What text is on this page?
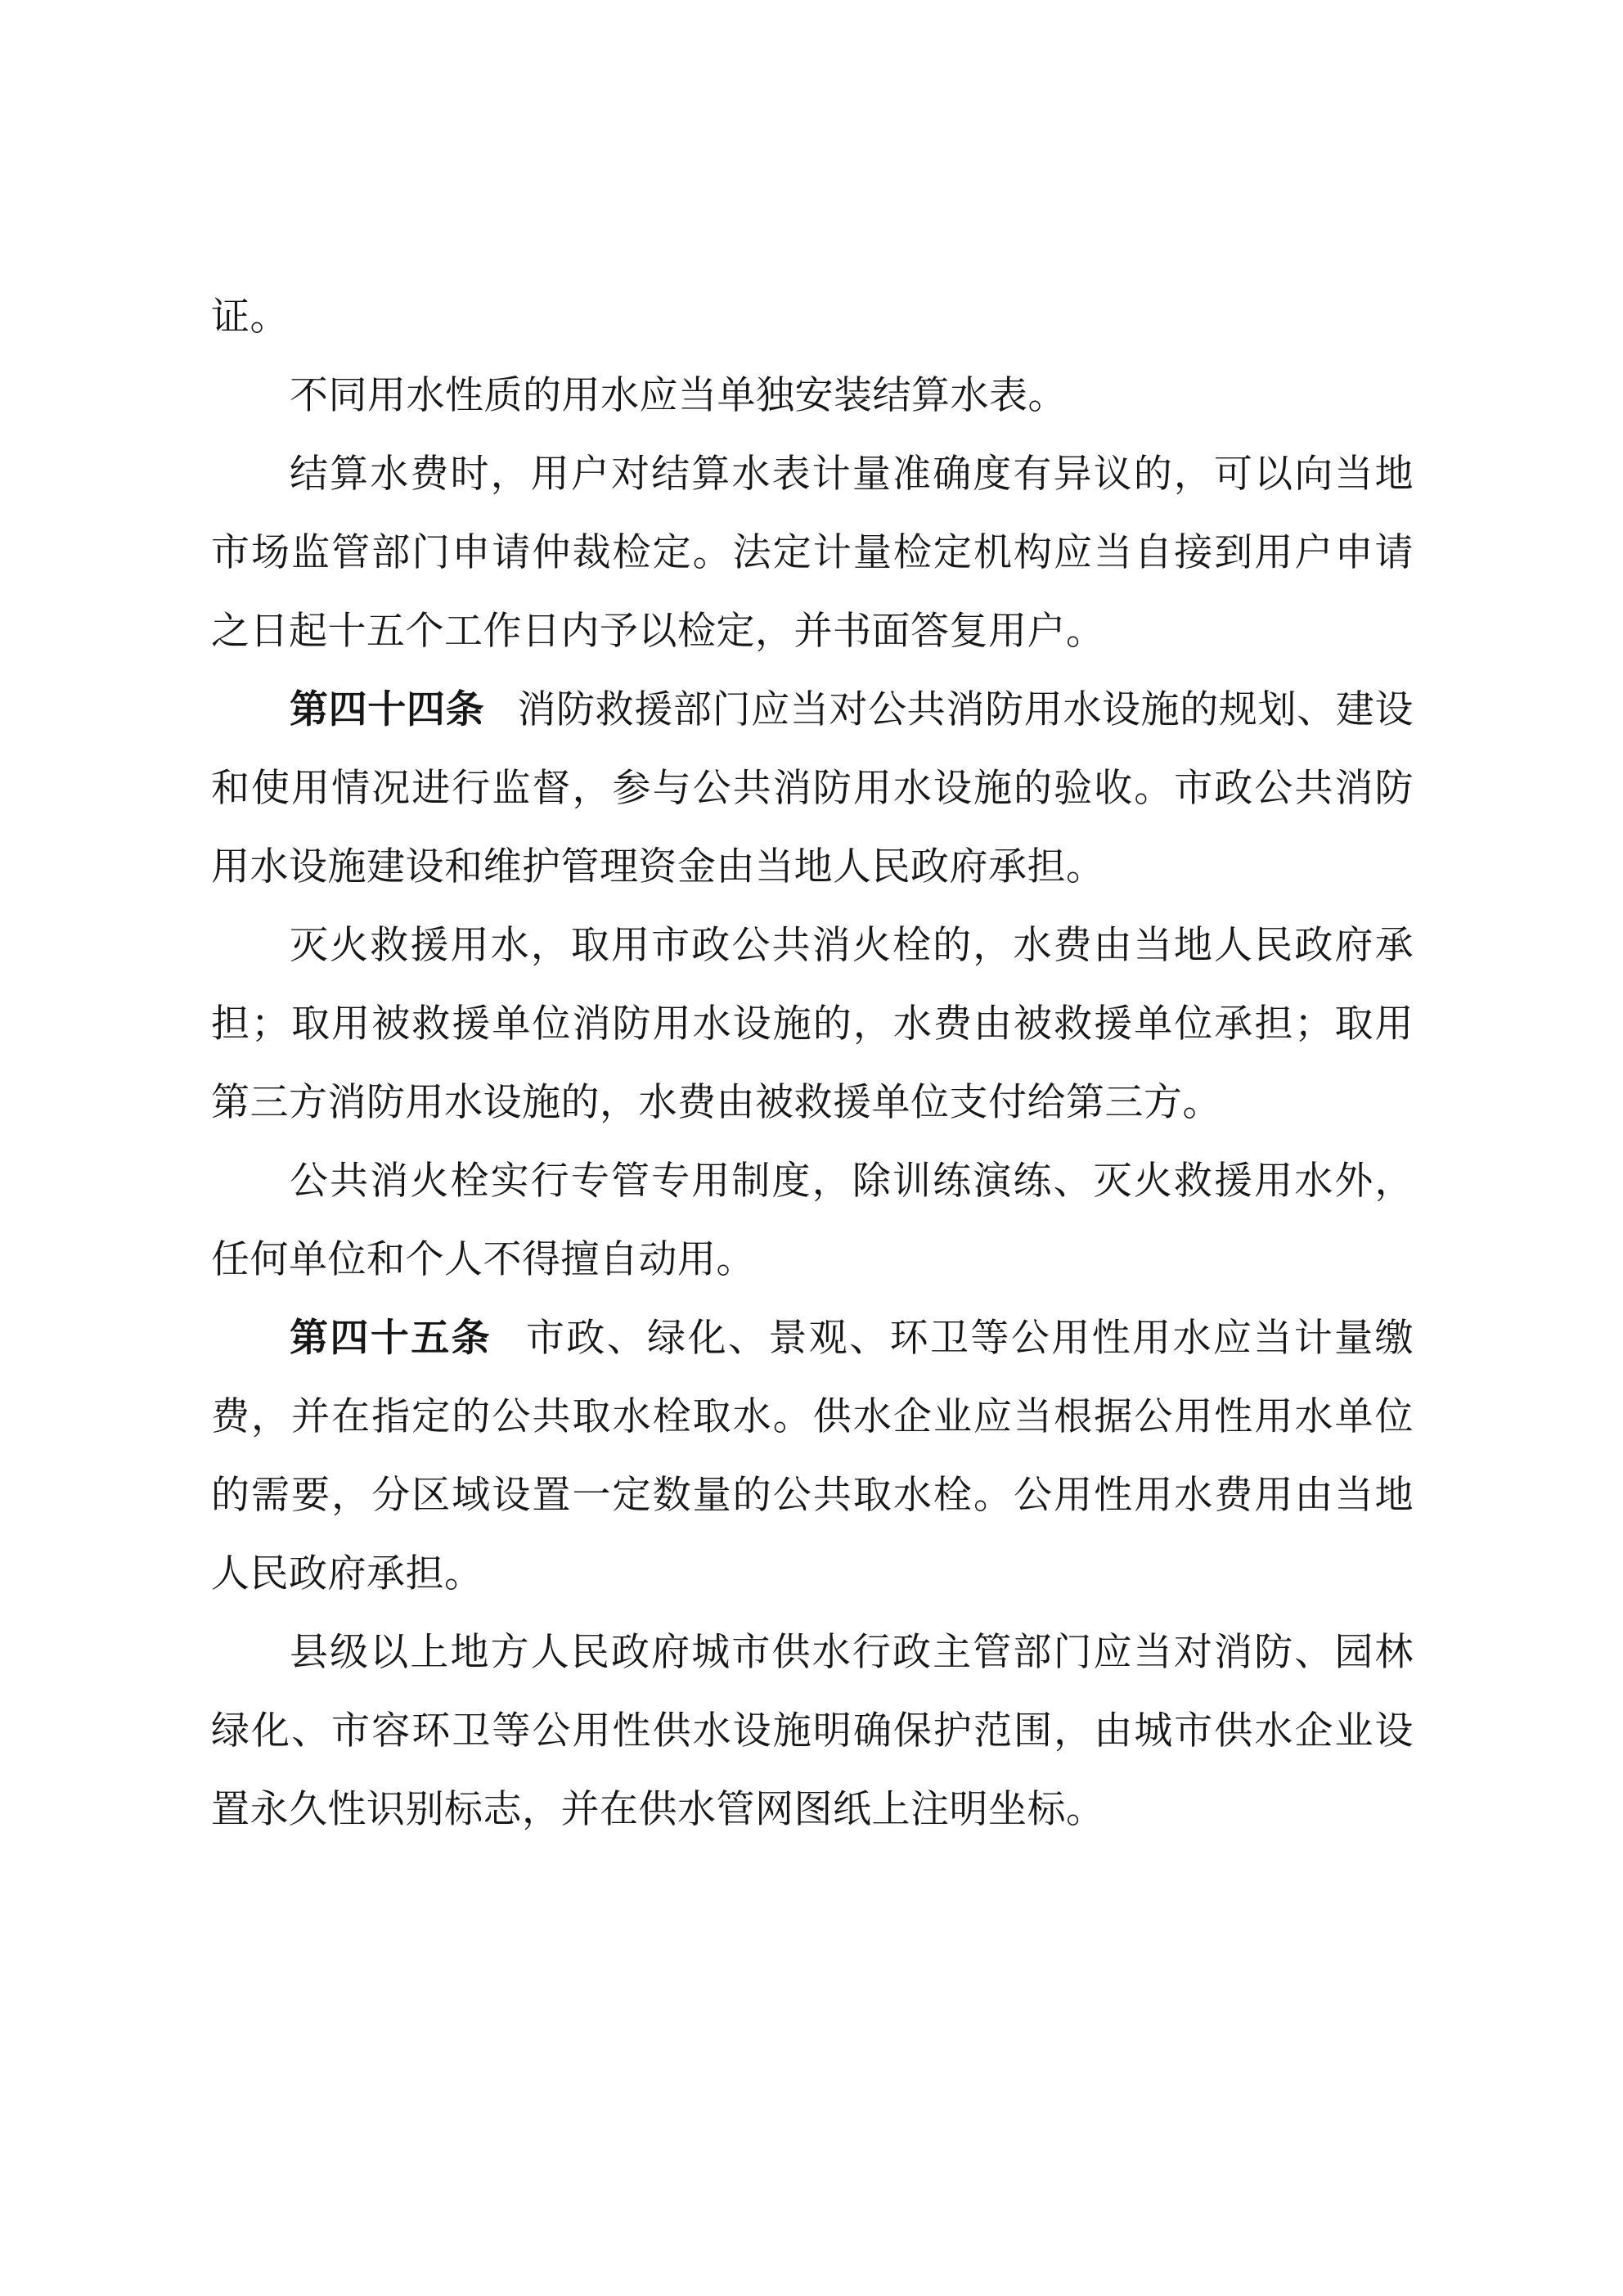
证。

不同用水性质的用水应当单独安装结算水表。

结算水费时，用户对结算水表计量准确度有异议的，可以向当地市场监管部门申请仲裁检定。法定计量检定机构应当自接到用户申请之日起十五个工作日内予以检定，并书面答复用户。

第四十四条 消防救援部门应当对公共消防用水设施的规划、建设和使用情况进行监督，参与公共消防用水设施的验收。市政公共消防用水设施建设和维护管理资金由当地人民政府承担。

灭火救援用水，取用市政公共消火栓的，水费由当地人民政府承担；取用被救援单位消防用水设施的，水费由被救援单位承担；取用第三方消防用水设施的，水费由被救援单位支付给第三方。

公共消火栓实行专管专用制度，除训练演练、灭火救援用水外，任何单位和个人不得擅自动用。

第四十五条 市政、绿化、景观、环卫等公用性用水应当计量缴费，并在指定的公共取水栓取水。供水企业应当根据公用性用水单位的需要，分区域设置一定数量的公共取水栓。公用性用水费用由当地人民政府承担。

县级以上地方人民政府城市供水行政主管部门应当对消防、园林绿化、市容环卫等公用性供水设施明确保护范围，由城市供水企业设置永久性识别标志，并在供水管网图纸上注明坐标。
